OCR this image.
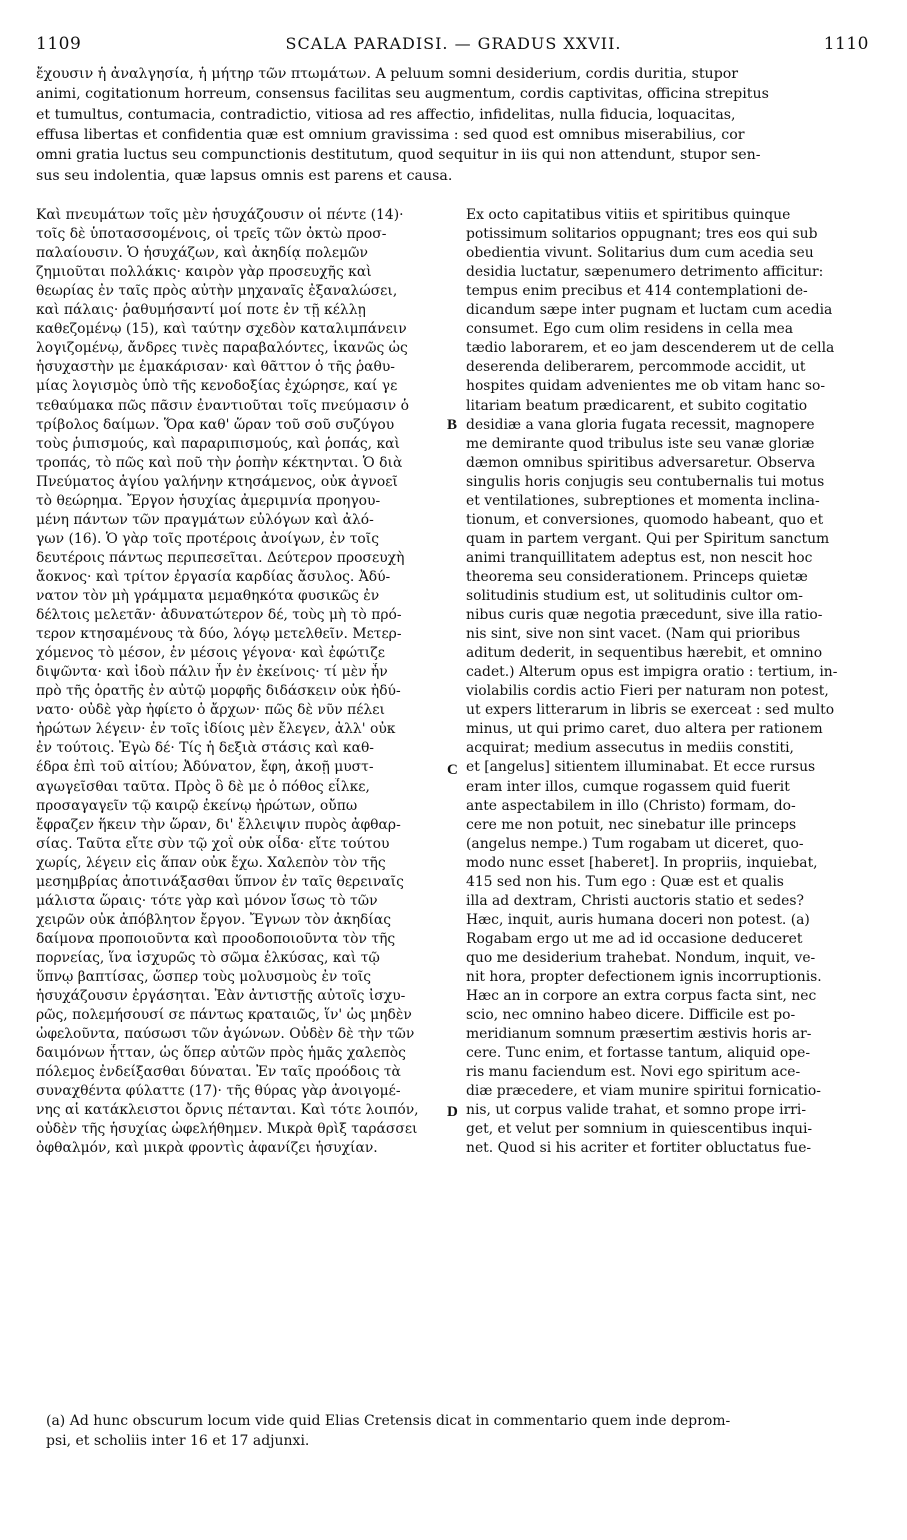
1109	SCALA PARADISI. — GRADUS XXVII.	1110
ἔχουσιν ἡ ἀναλγησία, ἡ μήτηρ τῶν πτωμάτων. A peluum somni desiderium, cordis duritia, stupor
animi, cogitationum horreum, consensus facilitas seu augmentum, cordis captivitas, officina strepitus
et tumultus, contumacia, contradictio, vitiosa ad res affectio, infidelitas, nulla fiducia, loquacitas,
effusa libertas et confidentia quæ est omnium gravissima : sed quod est omnibus miserabilius, cor
omni gratia luctus seu compunctionis destitutum, quod sequitur in iis qui non attendunt, stupor sen-
sus seu indolentia, quæ lapsus omnis est parens et causa.
Καὶ πνευμάτων τοῖς μὲν ἡσυχάζουσιν οἱ πέντε (14)·
τοῖς δὲ ὑποτασσομένοις, οἱ τρεῖς τῶν ὀκτὼ προσ-
παλαίουσιν. Ὁ ἡσυχάζων, καὶ ἀκηδίᾳ πολεμῶν
ζημιοῦται πολλάκις· καιρὸν γὰρ προσευχῆς καὶ
θεωρίας ἐν ταῖς πρὸς αὐτὴν μηχαναῖς ἐξαναλώσει,
καὶ πάλαις· ῥαθυμήσαντί μοί ποτε ἐν τῇ κέλλῃ
καθεζομένῳ (15), καὶ ταύτην σχεδὸν καταλιμπάνειν
λογιζομένῳ, ἄνδρες τινὲς παραβαλόντες, ἱκανῶς ὡς
ἡσυχαστὴν με ἐμακάρισαν· καὶ θᾶττον ὁ τῆς ῥαθυ-
μίας λογισμὸς ὑπὸ τῆς κενοδοξίας ἐχώρησε, καί γε
τεθαύμακα πῶς πᾶσιν ἐναντιοῦται τοῖς πνεύμασιν ὁ
τρίβολος δαίμων. Ὅρα καθ' ὥραν τοῦ σοῦ συζύγου
τοὺς ῥιπισμούς, καὶ παραριπισμούς, καὶ ῥοπάς, καὶ
τροπάς, τὸ πῶς καὶ ποῦ τὴν ῥοπὴν κέκτηνται. Ὁ διὰ
Πνεύματος ἁγίου γαλήνην κτησάμενος, οὐκ ἀγνοεῖ
τὸ θεώρημα. Ἔργον ἡσυχίας ἀμεριμνία προηγου-
μένη πάντων τῶν πραγμάτων εὐλόγων καὶ ἀλό-
γων (16). Ὁ γὰρ τοῖς προτέροις ἀνοίγων, ἐν τοῖς
δευτέροις πάντως περιπεσεῖται. Δεύτερον προσευχὴ
ἄοκνος· καὶ τρίτον ἐργασία καρδίας ἄσυλος. Ἀδύ-
νατον τὸν μὴ γράμματα μεμαθηκότα φυσικῶς ἐν
δέλτοις μελετᾶν· ἀδυνατώτερον δέ, τοὺς μὴ τὸ πρό-
τερον κτησαμένους τὰ δύο, λόγῳ μετελθεῖν. Μετερ-
χόμενος τὸ μέσον, ἐν μέσοις γέγονα· καὶ ἐφώτιζε
διψῶντα· καὶ ἰδοὺ πάλιν ἦν ἐν ἐκείνοις· τί μὲν ἦν
πρὸ τῆς ὁρατῆς ἐν αὐτῷ μορφῆς διδάσκειν οὐκ ἠδύ-
νατο· οὐδὲ γὰρ ἠφίετο ὁ ἄρχων· πῶς δὲ νῦν πέλει
ἠρώτων λέγειν· ἐν τοῖς ἰδίοις μὲν ἔλεγεν, ἀλλ' οὐκ
ἐν τούτοις. Ἐγὼ δέ· Τίς ἡ δεξιὰ στάσις καὶ καθ-
έδρα ἐπὶ τοῦ αἰτίου; Ἀδύνατον, ἔφη, ἀκοῇ μυστ-
αγωγεῖσθαι ταῦτα. Πρὸς ὃ δὲ με ὁ πόθος εἷλκε,
προσαγαγεῖν τῷ καιρῷ ἐκείνῳ ἠρώτων, οὔπω
ἔφραζεν ἥκειν τὴν ὥραν, δι' ἔλλειψιν πυρὸς ἀφθαρ-
σίας. Ταῦτα εἴτε σὺν τῷ χοῒ οὐκ οἶδα· εἴτε τούτου
χωρίς, λέγειν εἰς ἅπαν οὐκ ἔχω. Χαλεπὸν τὸν τῆς
μεσημβρίας ἀποτινάξασθαι ὕπνον ἐν ταῖς θερειναῖς
μάλιστα ὥραις· τότε γὰρ καὶ μόνον ἴσως τὸ τῶν
χειρῶν οὐκ ἀπόβλητον ἔργον. Ἔγνων τὸν ἀκηδίας
δαίμονα προποιοῦντα καὶ προοδοποιοῦντα τὸν τῆς
πορνείας, ἵνα ἰσχυρῶς τὸ σῶμα ἑλκύσας, καὶ τῷ
ὕπνῳ βαπτίσας, ὥσπερ τοὺς μολυσμοὺς ἐν τοῖς
ἡσυχάζουσιν ἐργάσηται. Ἐὰν ἀντιστῇς αὐτοῖς ἰσχυ-
ρῶς, πολεμήσουσί σε πάντως κραταιῶς, ἵν' ὡς μηδὲν
ὠφελοῦντα, παύσωσι τῶν ἀγώνων. Οὐδὲν δὲ τὴν τῶν
δαιμόνων ἧτταν, ὡς ὅπερ αὐτῶν πρὸς ἡμᾶς χαλεπὸς
πόλεμος ἐνδείξασθαι δύναται. Ἐν ταῖς προόδοις τὰ
συναχθέντα φύλαττε (17)· τῆς θύρας γὰρ ἀνοιγομέ-
νης αἱ κατάκλειστοι ὄρνις πέτανται. Καὶ τότε λοιπόν,
οὐδὲν τῆς ἡσυχίας ὠφελήθημεν. Μικρὰ θρὶξ ταράσσει
ὀφθαλμόν, καὶ μικρὰ φροντὶς ἀφανίζει ἡσυχίαν.
Ex octo capitatibus vitiis et spiritibus quinque
potissimum solitarios oppugnant; tres eos qui sub
obedientia vivunt. Solitarius dum cum acedia seu
desidia luctatur, sæpenumero detrimento afficitur:
tempus enim precibus et 414 contemplationi de-
dicandum sæpe inter pugnam et luctam cum acedia
consumet. Ego cum olim residens in cella mea
tædio laborarem, et eo jam descenderem ut de cella
deserenda deliberarem, percommode accidit, ut
hospites quidam advenientes me ob vitam hanc so-
litariam beatum prædicarent, et subito cogitatio
desidiæ a vana gloria fugata recessit, magnopere
me demirante quod tribulus iste seu vanæ gloriæ
dæmon omnibus spiritibus adversaretur. Observa
singulis horis conjugis seu contubernalis tui motus
et ventilationes, subreptiones et momenta inclina-
tionum, et conversiones, quomodo habeant, quo et
quam in partem vergant. Qui per Spiritum sanctum
animi tranquillitatem adeptus est, non nescit hoc
theorema seu considerationem. Princeps quietæ
solitudinis studium est, ut solitudinis cultor om-
nibus curis quæ negotia præcedunt, sive illa ratio-
nis sint, sive non sint vacet. (Nam qui prioribus
aditum dederit, in sequentibus hærebit, et omnino
cadet.) Alterum opus est impigra oratio : tertium, in-
violabilis cordis actio Fieri per naturam non potest,
ut expers litterarum in libris se exerceat : sed multo
minus, ut qui primo caret, duo altera per rationem
acquirat; medium assecutus in mediis constiti,
et [angelus] sitientem illuminabat. Et ecce rursus
eram inter illos, cumque rogassem quid fuerit
ante aspectabilem in illo (Christo) formam, do-
cere me non potuit, nec sinebatur ille princeps
(angelus nempe.) Tum rogabam ut diceret, quo-
modo nunc esset [haberet]. In propriis, inquiebat,
415 sed non his. Tum ego : Quæ est et qualis
illa ad dextram, Christi auctoris statio et sedes?
Hæc, inquit, auris humana doceri non potest. (a)
Rogabam ergo ut me ad id occasione deduceret
quo me desiderium trahebat. Nondum, inquit, ve-
nit hora, propter defectionem ignis incorruptionis.
Hæc an in corpore an extra corpus facta sint, nec
scio, nec omnino habeo dicere. Difficile est po-
meridianum somnum præsertim æstivis horis ar-
cere. Tunc enim, et fortasse tantum, aliquid ope-
ris manu faciendum est. Novi ego spiritum ace-
diæ præcedere, et viam munire spiritui fornicatio-
nis, ut corpus valide trahat, et somno prope irri-
get, et velut per somnium in quiescentibus inqui-
net. Quod si his acriter et fortiter obluctatus fue-
B
C
D
(a) Ad hunc obscurum locum vide quid Elias Cretensis dicat in commentario quem inde deprom-
psi, et scholiis inter 16 et 17 adjunxi.
